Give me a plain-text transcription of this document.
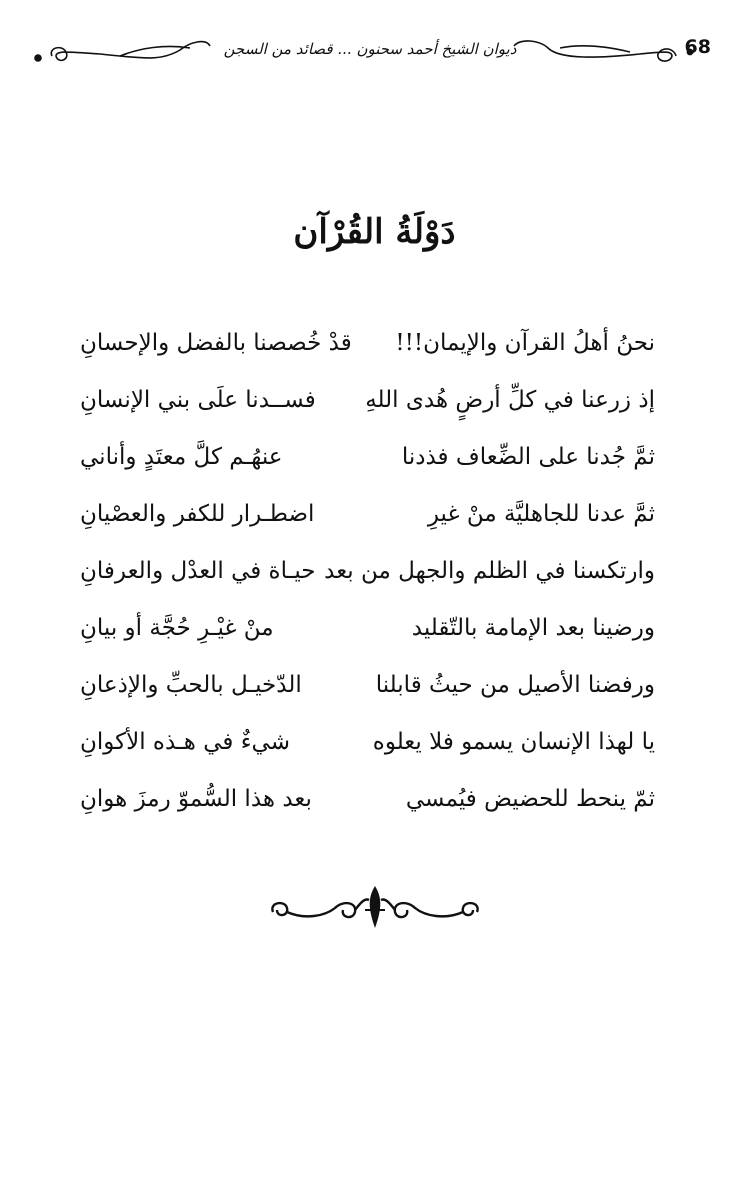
68
ديوان الشيخ أحمد سحنون ... قصائد من السجن
دَوْلَةُ القُرْآن
نحنُ أهلُ القرآن والإيمان!!!
قدْ خُصصنا بالفضل والإحسانِ
إذ زرعنا في كلِّ أرضٍ هُدى اللهِ
فســدنا علَى بني الإنسانِ
ثمَّ جُدنا على الضِّعاف فذدنا
عنهُـم كلَّ معتَدٍ وأناني
ثمَّ عدنا للجاهليَّة منْ غيرِ
اضطـرار للكفر والعصْيانِ
وارتكسنا في الظلم والجهل من بعد
حيـاة في العدْل والعرفانِ
ورضينا بعد الإمامة بالتّقليد
منْ غيْـرِ حُجَّة أو بيانِ
ورفضنا الأصيل من حيثُ قابلنا
الدّخيـل بالحبِّ والإذعانِ
يا لهذا الإنسان يسمو فلا يعلوه
شيءٌ في هـذه الأكوانِ
ثمّ ينحط للحضيض فيُمسي
بعد هذا السُّموّ رمزَ هوانِ
